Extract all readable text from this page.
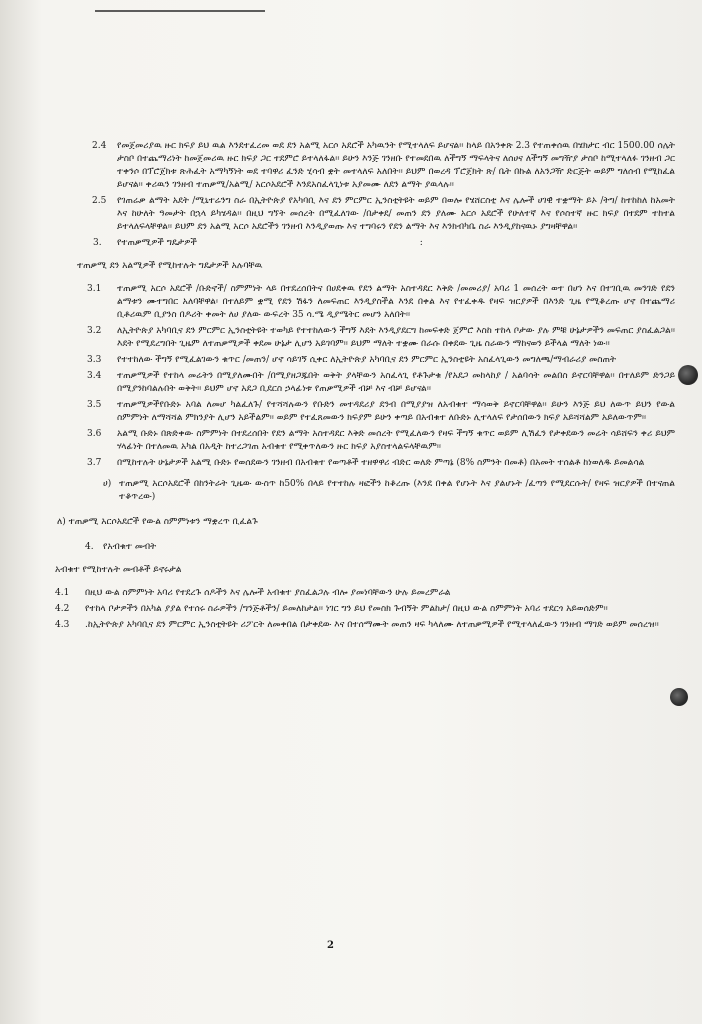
2.4 የመጀመሪያዉ ዙር ክፍያ ይህ ዉል እንደተፈረመ ወደ ደን አልሚ አርሶ አደሮች አካዉንት የሚተላለፍ ይሆናል፡፡ ከላይ በአንቀጽ 2.3 የተጠቀሰዉ በሄክታር ብር 1500.00 ሰሌት ታስቦ በተጨማሪነት ከመጀመሪዉ ዙር ክፍያ ጋር ተደምሮ ይተላለፋል፡፡ ይሁን እንጅ ገንዘቡ የተመደበዉ ለችግኝ ማፍላትና ለሰሀና ለችግኝ መግዥያ ታስቦ ከሚተላለፉ ገንዘብ ጋር ተቀንሶ በፕሮጀክቱ ጽሕፈት አማካኝነት ወደ ተባዋሪ ፈንድ ሂሳብ ቋት መተላለፍ አለበት፡፡ ይህም በወረዳ ፕሮጀክት ጽ/ ቤት በኩል ለአንጋዥ ድርጅት ወይም ግለሰብ የሚከፈል ይሆናል፡፡ ቀሪዉን ገንዘብ ተጠቃሚ/አልሚ/ አርሶአደሮች እንደአስፈላጊነቱ አያመሙ ለደን ልማት ያዉላሉ፡፡
2.5 የገጠሬቃ ልማት አደት /ሚኒተሬንግ ስራ በኢትዮጵያ የአካባቢ እና ደን ምርምር ኢንስቲትዩት ወይም በወሎ የሄሸርስቲ እና ሌሎች ሀገዊ ተቋማት ይኦ /ትግ/ ከተከከለ ከአመት እና ከሁለት ዓመታት በኋላ ይካሄዳል፡፡ በዚህ ግኘት መሰረት በሚፈለገው /በታቀደ/ መጠን ደን ያለሙ አርሶ አደሮች የሁለተኛ እና የሶስተኛ ዙር ክፍያ በተደም ተከተል ይተላለፍላቸዋል፡፡ ይህም ደን አልሚ አርሶ አደሮችን ገንዘብ እንዲያወጡ እና ተግባሩን የደን ልማት እና እንክብካቤ ስራ እንዲያከናዉኑ ያግዛቸዋል፡፡
3. የተጠቃሚዎች ግዴታዎች	:
ተጠቃሚ ደን አልሚዎች የሚከተሉት ግዴታዎች አሉባቸዉ
3.1 ተጠቃሚ አርሶ አደሮች /ቡድኖች/ ስምምነት ላይ በተደረሰበትና በሀደቀዉ የደን ልማት አስተዳደር እቅድ /መመሪያ/ አባሪ 1 መሰረት ወተ በሆነ እና በተገቢዉ መንገድ የደን ልማቱን ሙተግበር አለባቸዋል፡ በተለይም ቋሚ የደን ሽፋን ለመፍጠር እንዲያስችል እንደ በቀል እና የተፈቀዱ የዛፍ ዝርያዎች በእንድ ጊዜ የሚቆረጡ ሆኖ በተጨማሪ ቢቶሪዉም ቢያንስ በዶሪት ቀመት ለሀ ያለው ውፍረት 35 ሳ.ሜ ዲያሜትር መሆን አለበት፡፡
3.2 ለኢትዮጵያ አካባቢና ደን ምርምር ኢንስቲትዩት ተወካይ የተተከለውን ችግኝ እደት እንዲያደርግ ከመፍቀድ ጀምሮ እስከ ተከላ ቦታው ያሉ ምቹ ሁኔታዎችን መፍጠር ያስፈልጋል፡፡ እደት የሚደረግበት ጊዜም ለተጠቃሚዎች ቀደመ ሁኔታ ሊሆን አይገባም፡፡ ይህም ማለት ተቋሙ በራሱ በቀደው ጊዜ ስራውን ማከናወን ይችላል ማለት ነው፡፡
3.3 የተተከለው ችግኝ የሚፈልገውን ቁጥር /መጠን/ ሆኖ ሳይገኝ ሲቀር ለኢትዮጵያ አካባቢና ደን ምርምር ኢንስቲዩት አስፈላጊውን መግለጫ/ማብራሪያ መስጠት
3.4 ተጠቃሚዎች የተከላ መሬትን በሚያለሙበት /በሚያዘጋጁበት ወቅት ያላቸውን አስፈላጊ የቶጉታቁ /የአደጋ መከላከያ / አልባሳት መልበስ ይኖርባቸዋል፡፡ በተለይም ድንጋይ በሚያንከባልሉበት ወቅት፡፡ ይህም ሆኖ አደጋ ቢደርስ ኃላፊነቱ የጠቃሚዎች ብቻ እና ብቻ ይሆናል፡፡
3.5 ተጠቃሚዎችየቡድኑ አባል ለመሆ ካልፈለጉ/ የተሻሻሉውን የቡድን መተዳደሪያ ደንብ በሚያያዝ ለአብቁተ ማሳወቅ ይኖርባቸዋል፡፡ ይሁን እንጅ ይህ ለውጥ ይህን የውል ስምምነት ለማሻሻል ምክንያት ሊሆን አይችልም፡፡ ወይም የተፈጸመውን ክፍያም ይሁን ቀጣይ በአብቁተ ለቡድኑ ሊተላለፍ የታሰበውን ክፍያ አይሻሻልም አይለውጥም፡፡
3.6 አልሚ ቡድኑ በጽድቀው ስምምነት በተደረሰበት የደን ልማት አስተዳደር እቅድ መሰረት የሚፈለውን የዛፍ ችግኝ ቁጥር ወይም ሊሽፈን የታቀደውን መሬት ሳይሸፍን ቀሪ ይህም ሃላፊነት በተለመዉ አካል በአዲት ከተረጋገጠ አብቁተ የሚቀጥለውን ዙር ክፍያ አያስተላልፍላቸዉም፡፡
3.7 በሚከተሉት ሁኔታዎች አልሚ ቡድኑ የወሰደውን ገንዘብ በአብቁተ የወጣቶች ተዘዋዋሪ ብድር ወለድ ምጣኔ (8% ስምንት በመቶ) በአመት ተሰልቶ ከነወለዱ ይመልሳል
ሀ) ተጠቃሚ አርሶአደሮች በከንትራት ጊዜው ውስጥ ከ50% በላይ የተተከሉ ዛፎችን ከቆረጡ (እንደ በቀል የሆኑት እና ያልሆኑት /ፈጣን የሚደርሱት/ የዛፍ ዝርያዎች በተናጠል ተቆጥረው)
ለ) ተጠቃሚ አርሶአደሮች የውል ስምምነቱን ማቋረጥ ቢፈልጉ
4. የአብቁተ መብት
አብቁተ የሚከተሉት መብቶች ይኖሩታል
4.1 በዚህ ውል ስምምነት አባሪ የተደረጉ ሰዶችን እና ሌሎች አብቁተ ያስፈልጋሉ ብሎ ያመነባቸውን ሁሉ ይመረምራል
4.2 የተከላ ቦታዎችን በአካል ያያል የተሰሩ ስራዎችን /ግንጅቶችን/ ይመለከታል፡፡ ነገር ግን ይህ የመስክ ጉብኝት ምልከታ/ በዚህ ውል ስምምነት አባሪ ተደርጎ አይወሰድም፡፡
4.3 .ከኢትዮጵያ አካባቢና ደን ምርምር ኢንስቲትዩት ሪፖርት ለመቀበል በታቀደው እና በተሰማሙት መጠን ዛፍ ካላለሙ ለተጠቃሚዎች የሚተላለፈውን ገንዘብ ማገድ ወይም መሰረዝ፡፡
2
